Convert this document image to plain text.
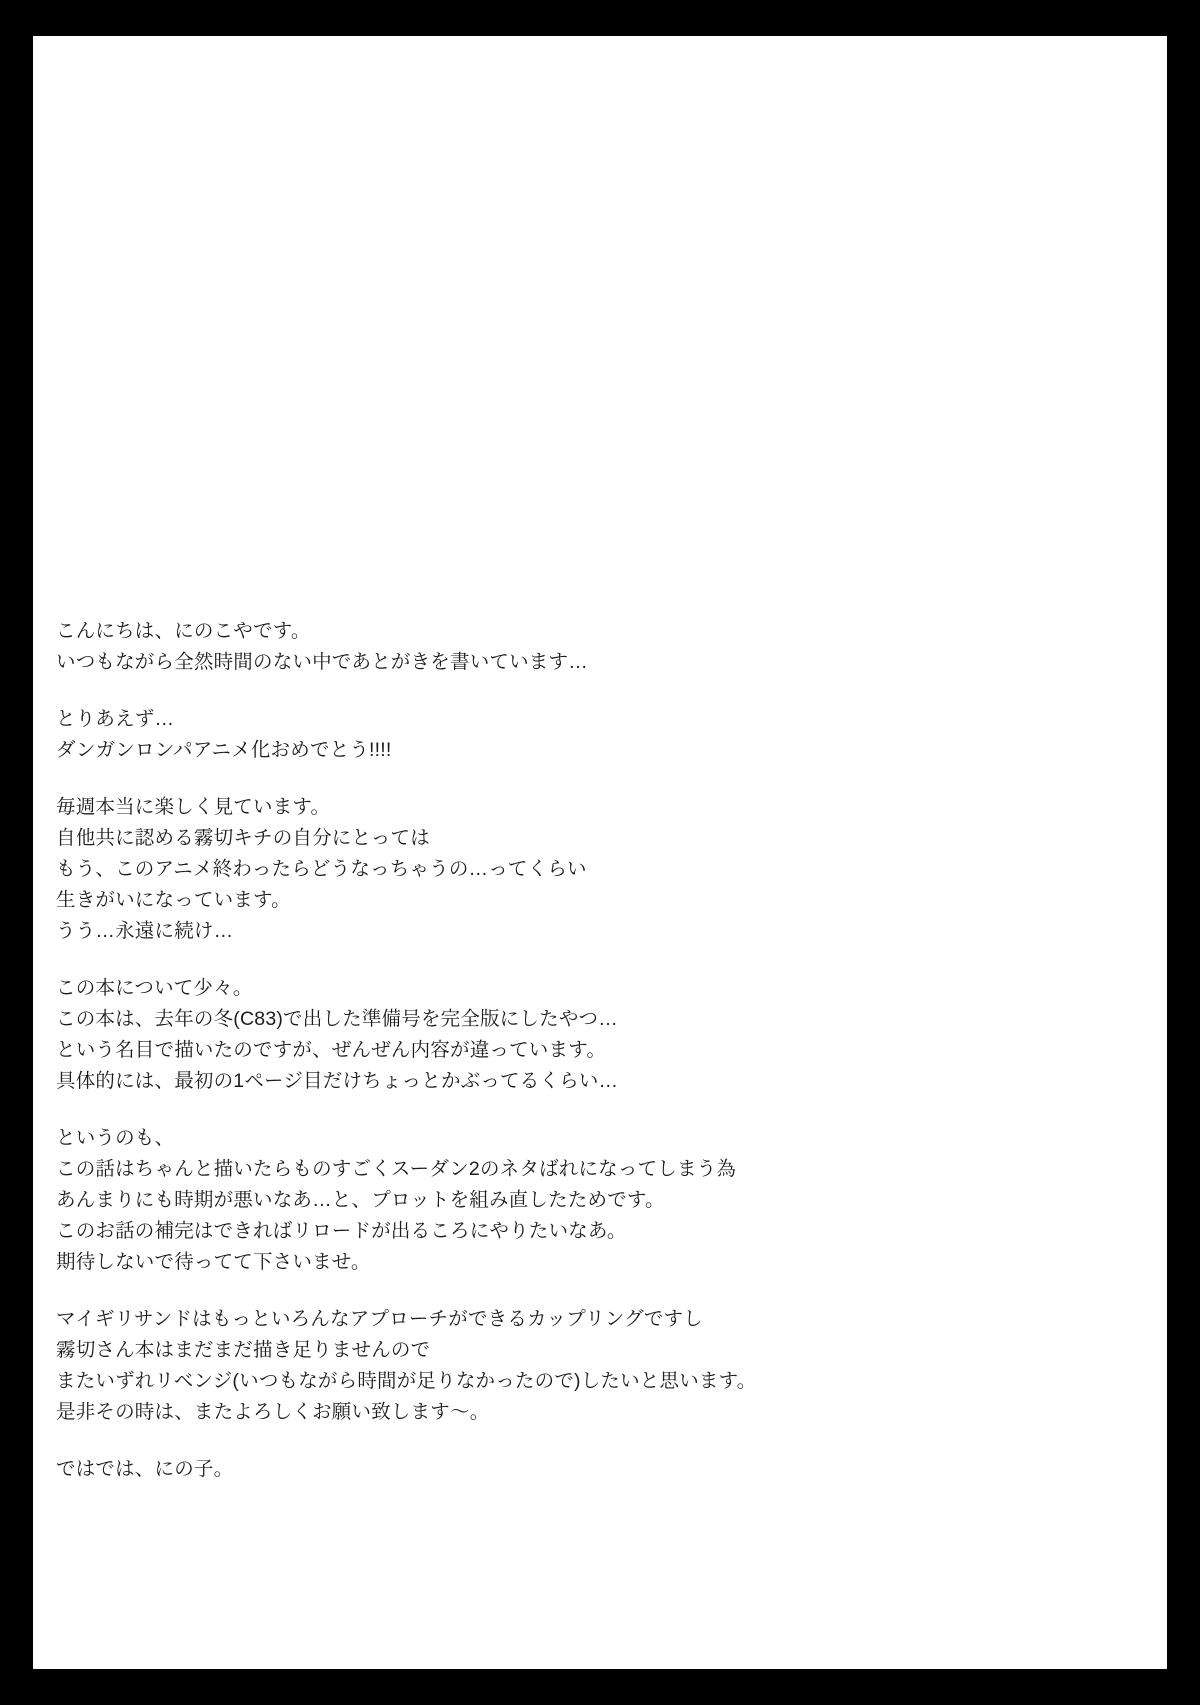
こんにちは、にのこやです。
いつもながら全然時間のない中であとがきを書いています…
とりあえず…
ダンガンロンパアニメ化おめでとう!!!!
毎週本当に楽しく見ています。
自他共に認める霧切キチの自分にとっては
もう、このアニメ終わったらどうなっちゃうの…ってくらい
生きがいになっています。
うう…永遠に続け…
この本について少々。
この本は、去年の冬(C83)で出した準備号を完全版にしたやつ…
という名目で描いたのですが、ぜんぜん内容が違っています。
具体的には、最初の1ページ目だけちょっとかぶってるくらい…
というのも、
この話はちゃんと描いたらものすごくスーダン2のネタばれになってしまう為
あんまりにも時期が悪いなあ…と、プロットを組み直したためです。
このお話の補完はできればリロードが出るころにやりたいなあ。
期待しないで待ってて下さいませ。
マイギリサンドはもっといろんなアプローチができるカップリングですし
霧切さん本はまだまだ描き足りませんので
またいずれリベンジ(いつもながら時間が足りなかったので)したいと思います。
是非その時は、またよろしくお願い致します～。
ではでは、にの子。
